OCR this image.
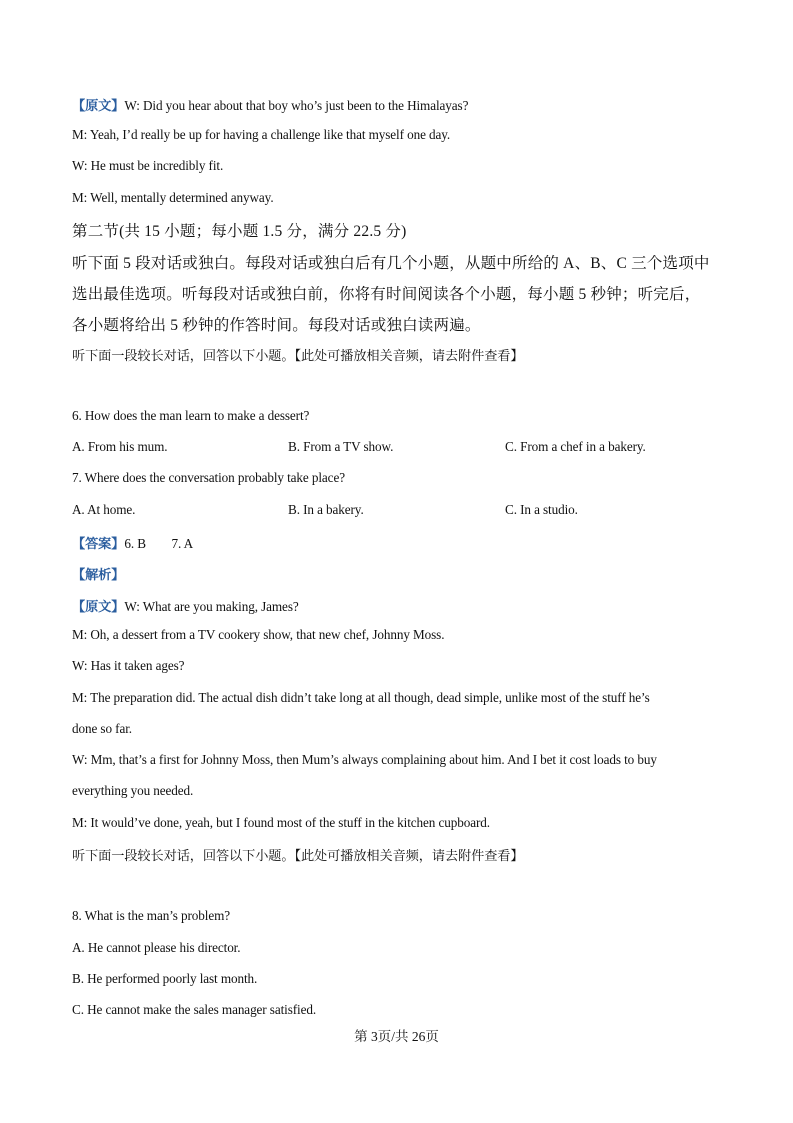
【原文】W: Did you hear about that boy who’s just been to the Himalayas?
M: Yeah, I’d really be up for having a challenge like that myself one day.
W: He must be incredibly fit.
M: Well, mentally determined anyway.
第二节(共 15 小题；每小题 1.5 分，满分 22.5 分)
听下面 5 段对话或独白。每段对话或独白后有几个小题，从题中所给的 A、B、C 三个选项中
选出最佳选项。听每段对话或独白前，你将有时间阅读各个小题，每小题 5 秒钟；听完后，
各小题将给出 5 秒钟的作答时间。每段对话或独白读两遍。
听下面一段较长对话，回答以下小题。【此处可播放相关音频，请去附件查看】
6. How does the man learn to make a dessert?
A. From his mum.	B. From a TV show.	C. From a chef in a bakery.
7. Where does the conversation probably take place?
A. At home.	B. In a bakery.	C. In a studio.
【答案】6. B        7. A
【解析】
【原文】W: What are you making, James?
M: Oh, a dessert from a TV cookery show, that new chef, Johnny Moss.
W: Has it taken ages?
M: The preparation did. The actual dish didn’t take long at all though, dead simple, unlike most of the stuff he’s
done so far.
W: Mm, that’s a first for Johnny Moss, then Mum’s always complaining about him. And I bet it cost loads to buy
everything you needed.
M: It would’ve done, yeah, but I found most of the stuff in the kitchen cupboard.
听下面一段较长对话，回答以下小题。【此处可播放相关音频，请去附件查看】
8. What is the man’s problem?
A. He cannot please his director.
B. He performed poorly last month.
C. He cannot make the sales manager satisfied.
第 3页/共 26页
